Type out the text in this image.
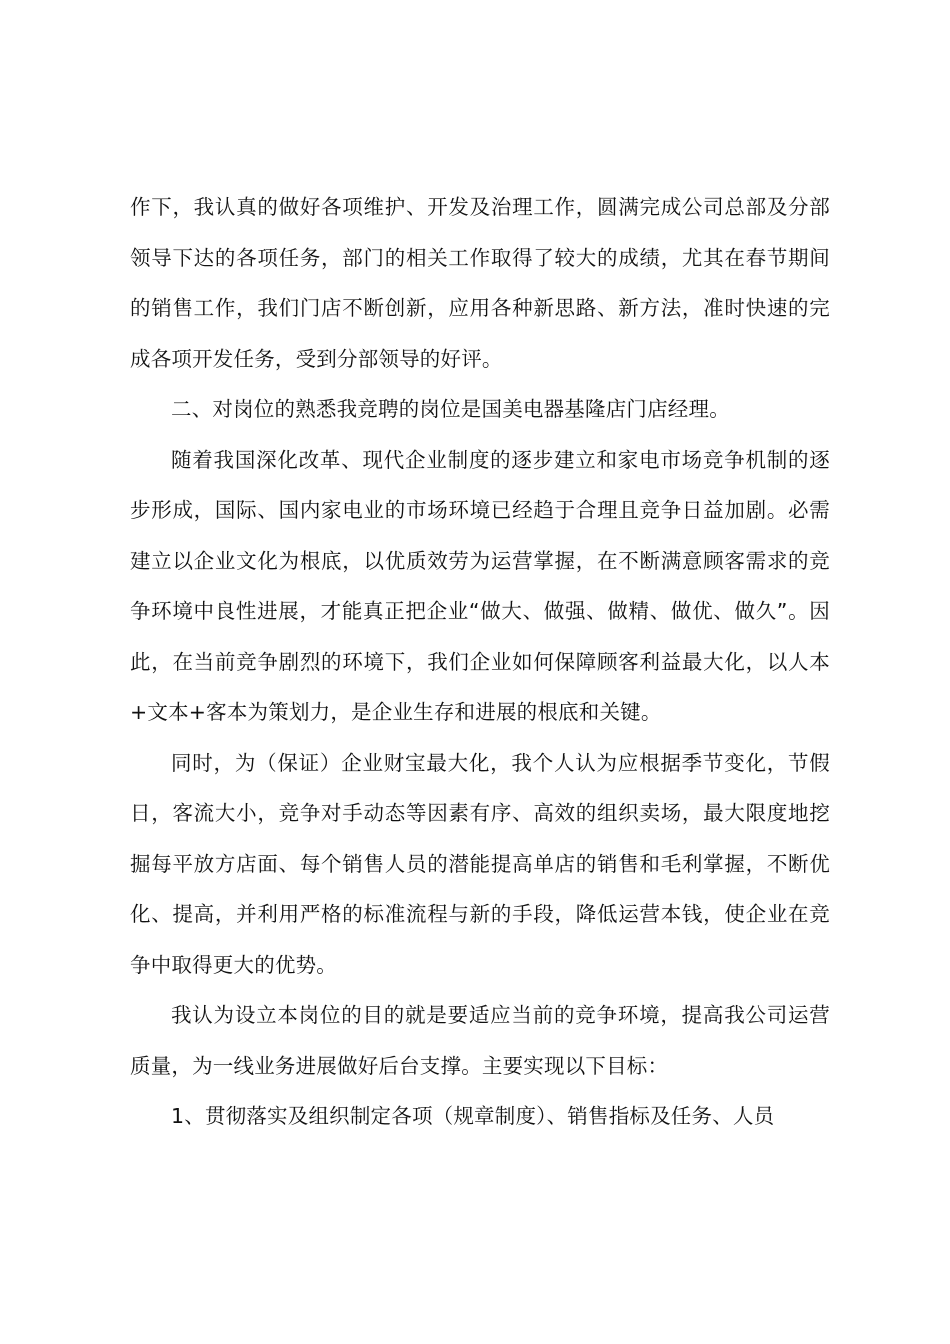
作下，我认真的做好各项维护、开发及治理工作，圆满完成公司总部及分部领导下达的各项任务，部门的相关工作取得了较大的成绩，尤其在春节期间的销售工作，我们门店不断创新，应用各种新思路、新方法，准时快速的完成各项开发任务，受到分部领导的好评。

二、对岗位的熟悉我竞聘的岗位是国美电器基隆店门店经理。

随着我国深化改革、现代企业制度的逐步建立和家电市场竞争机制的逐步形成，国际、国内家电业的市场环境已经趋于合理且竞争日益加剧。必需建立以企业文化为根底，以优质效劳为运营掌握，在不断满意顾客需求的竞争环境中良性进展，才能真正把企业“做大、做强、做精、做优、做久”。因此，在当前竞争剧烈的环境下，我们企业如何保障顾客利益最大化，以人本+文本+客本为策划力，是企业生存和进展的根底和关键。

同时，为（保证）企业财宝最大化，我个人认为应根据季节变化，节假日，客流大小，竞争对手动态等因素有序、高效的组织卖场，最大限度地挖掘每平放方店面、每个销售人员的潜能提高单店的销售和毛利掌握，不断优化、提高，并利用严格的标准流程与新的手段，降低运营本钱，使企业在竞争中取得更大的优势。

我认为设立本岗位的目的就是要适应当前的竞争环境，提高我公司运营质量，为一线业务进展做好后台支撑。主要实现以下目标：

1、贯彻落实及组织制定各项（规章制度）、销售指标及任务、人员
